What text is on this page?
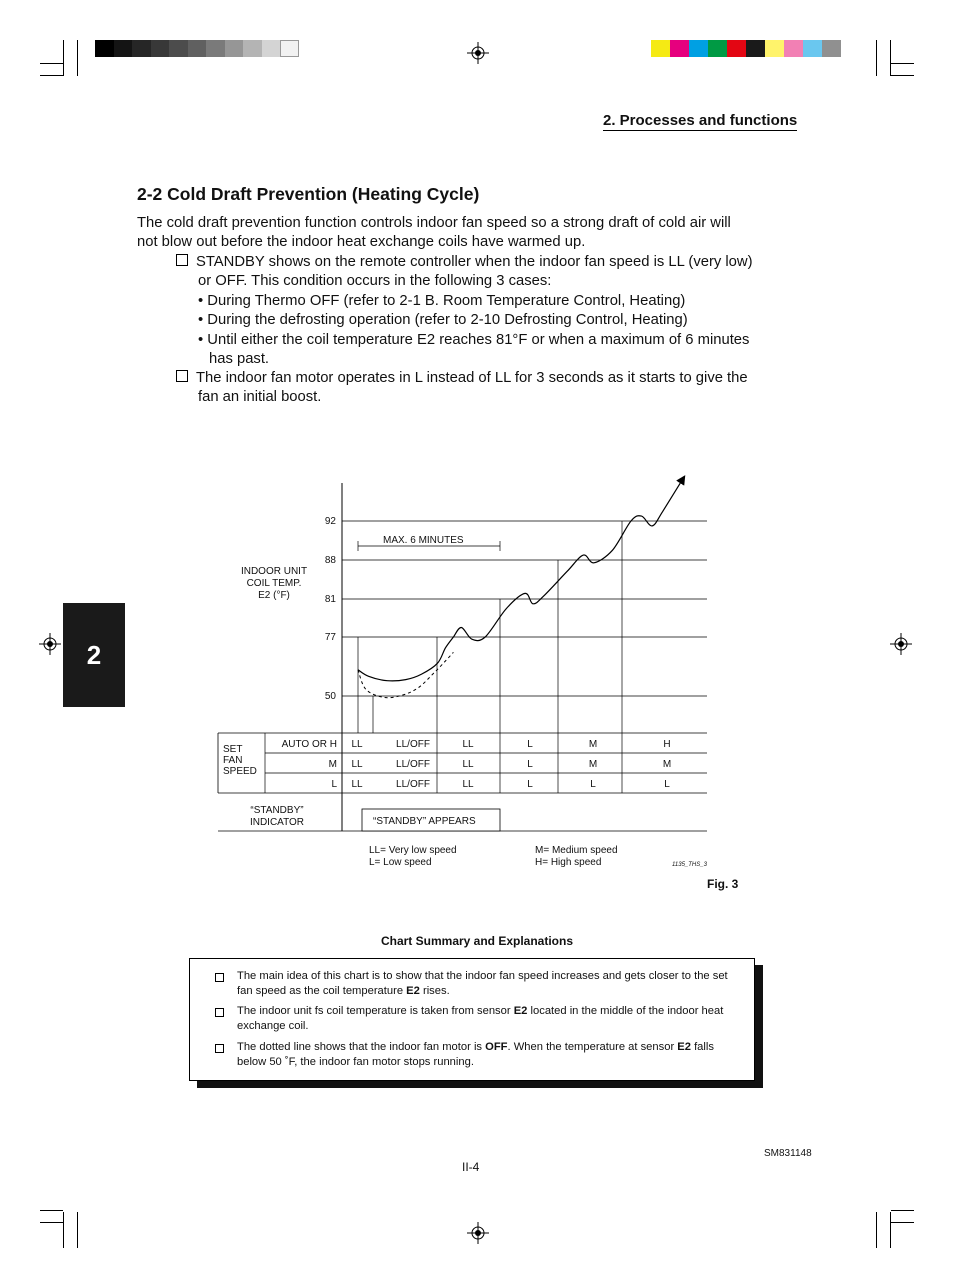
2. Processes and functions
2
2-2 Cold Draft Prevention (Heating Cycle)
The cold draft prevention function controls indoor fan speed so a strong draft of cold air will
not blow out before the indoor heat exchange coils have warmed up.
STANDBY shows on the remote controller when the indoor fan speed is LL (very low)
or OFF. This condition occurs in the following 3 cases:
• During Thermo OFF (refer to 2-1 B. Room Temperature Control, Heating)
• During the defrosting operation (refer to 2-10 Defrosting Control, Heating)
• Until either the coil temperature E2 reaches 81°F or when a maximum of 6 minutes
has past.
The indoor fan motor operates in L instead of LL for 3 seconds as it starts to give the
fan an initial boost.
92
88
81
77
50
INDOOR UNIT
COIL TEMP.
E2 (°F)
MAX. 6 MINUTES
SET
FAN
SPEED
AUTO OR H LL	LL/OFF	LL	L	M	H
M LL	LL/OFF	LL	L	M	M
L LL	LL/OFF	LL	L	L	L
“STANDBY”
INDICATOR	“STANDBY” APPEARS
LL= Very low speed
L= Low speed
M= Medium speed
H= High speed	1135_THS_3
Fig. 3
Chart Summary and Explanations
The main idea of this chart is to show that the indoor fan speed increases and gets closer to the set fan speed as the coil temperature E2 rises.
The indoor unit fs coil temperature is taken from sensor E2 located in the middle of the indoor heat exchange coil.
The dotted line shows that the indoor fan motor is OFF. When the temperature at sensor E2 falls below 50 ˚F, the indoor fan motor stops running.
SM831148
II-4
